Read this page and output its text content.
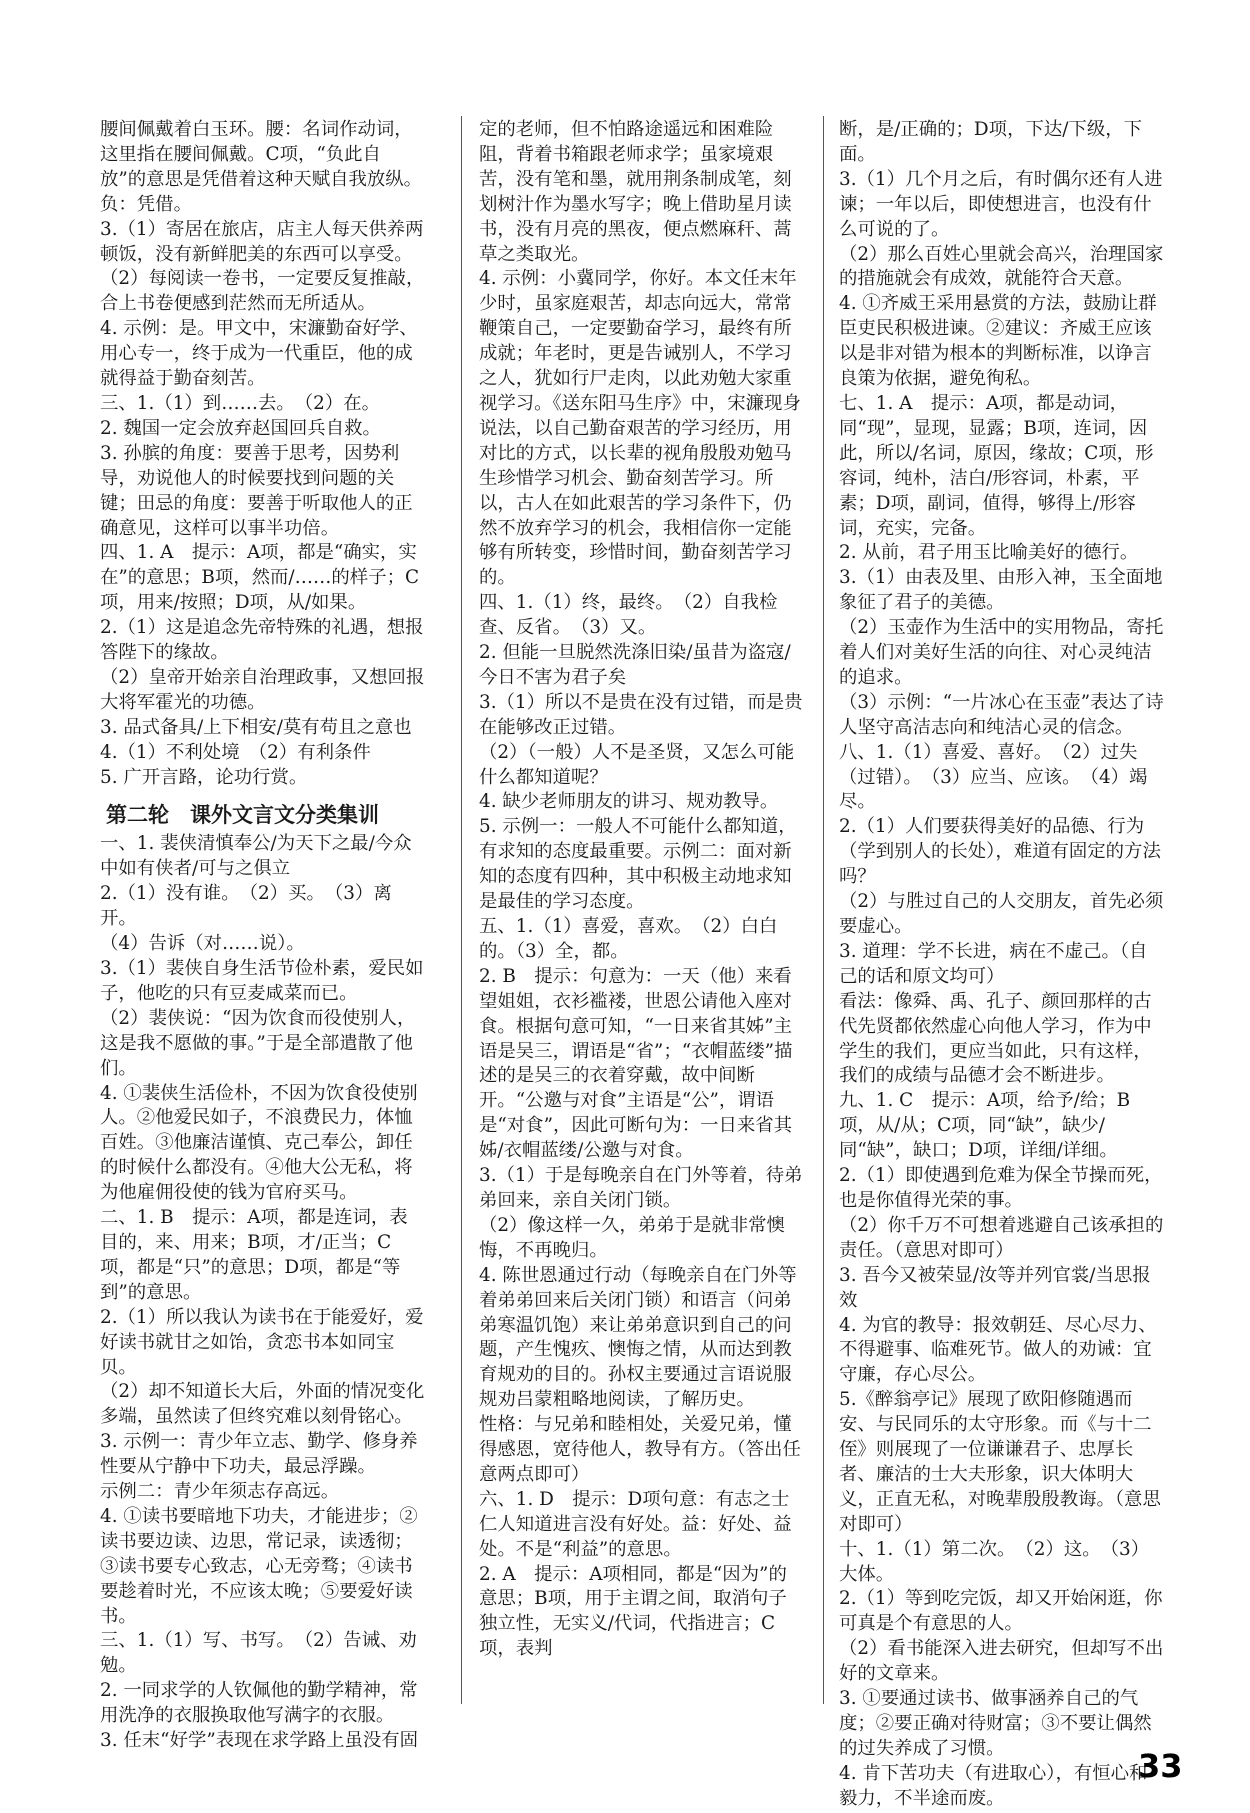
腰间佩戴着白玉环。腰：名词作动词，这里指在腰间佩戴。C项，“负此自放”的意思是凭借着这种天赋自我放纵。负：凭借。

3.（1）寄居在旅店，店主人每天供养两顿饭，没有新鲜肥美的东西可以享受。

（2）每阅读一卷书，一定要反复推敲，合上书卷便感到茫然而无所适从。

4. 示例：是。甲文中，宋濂勤奋好学、用心专一，终于成为一代重臣，他的成就得益于勤奋刻苦。

三、1.（1）到……去。　（2）在。

2. 魏国一定会放弃赵国回兵自救。

3. 孙膑的角度：要善于思考，因势利导，劝说他人的时候要找到问题的关键；田忌的角度：要善于听取他人的正确意见，这样可以事半功倍。

四、1. A　提示：A项，都是“确实，实在”的意思；B项，然而/……的样子；C项，用来/按照；D项，从/如果。

2.（1）这是追念先帝特殊的礼遇，想报答陛下的缘故。

（2）皇帝开始亲自治理政事，又想回报大将军霍光的功德。

3. 品式备具/上下相安/莫有苟且之意也

4.（1）不利处境　（2）有利条件

5. 广开言路，论功行赏。

第二轮　课外文言文分类集训

一、1. 裴侠清慎奉公/为天下之最/今众中如有侠者/可与之俱立

2.（1）没有谁。　（2）买。　（3）离开。

（4）告诉（对……说）。

3.（1）裴侠自身生活节俭朴素，爱民如子，他吃的只有豆麦咸菜而已。

（2）裴侠说：“因为饮食而役使别人，这是我不愿做的事。”于是全部遣散了他们。

4. ①裴侠生活俭朴，不因为饮食役使别人。②他爱民如子，不浪费民力，体恤百姓。③他廉洁谨慎、克己奉公，卸任的时候什么都没有。④他大公无私，将为他雇佣役使的钱为官府买马。

二、1. B　提示：A项，都是连词，表目的，来、用来；B项，才/正当；C项，都是“只”的意思；D项，都是“等到”的意思。

2.（1）所以我认为读书在于能爱好，爱好读书就甘之如饴，贪恋书本如同宝贝。

（2）却不知道长大后，外面的情况变化多端，虽然读了但终究难以刻骨铭心。

3. 示例一：青少年立志、勤学、修身养性要从宁静中下功夫，最忌浮躁。

示例二：青少年须志存高远。

4. ①读书要暗地下功夫，才能进步；②读书要边读、边思，常记录，读透彻；③读书要专心致志，心无旁骛；④读书要趁着时光，不应该太晚；⑤要爱好读书。

三、1.（1）写、书写。　（2）告诫、劝勉。

2. 一同求学的人钦佩他的勤学精神，常用洗净的衣服换取他写满字的衣服。

3. 任末“好学”表现在求学路上虽没有固

定的老师，但不怕路途遥远和困难险阻，背着书箱跟老师求学；虽家境艰苦，没有笔和墨，就用荆条制成笔，刻划树汁作为墨水写字；晚上借助星月读书，没有月亮的黑夜，便点燃麻秆、蒿草之类取光。

4. 示例：小冀同学，你好。本文任末年少时，虽家庭艰苦，却志向远大，常常鞭策自己，一定要勤奋学习，最终有所成就；年老时，更是告诫别人，不学习之人，犹如行尸走肉，以此劝勉大家重视学习。《送东阳马生序》中，宋濂现身说法，以自己勤奋艰苦的学习经历，用对比的方式，以长辈的视角殷殷劝勉马生珍惜学习机会、勤奋刻苦学习。所以，古人在如此艰苦的学习条件下，仍然不放弃学习的机会，我相信你一定能够有所转变，珍惜时间，勤奋刻苦学习的。

四、1.（1）终，最终。　（2）自我检查、反省。　（3）又。

2. 但能一旦脱然洗涤旧染/虽昔为盗寇/今日不害为君子矣

3.（1）所以不是贵在没有过错，而是贵在能够改正过错。

（2）（一般）人不是圣贤，又怎么可能什么都知道呢？

4. 缺少老师朋友的讲习、规劝教导。

5. 示例一：一般人不可能什么都知道，有求知的态度最重要。示例二：面对新知的态度有四种，其中积极主动地求知是最佳的学习态度。

五、1.（1）喜爱，喜欢。　（2）白白的。（3）全，都。

2. B　提示：句意为：一天（他）来看望姐姐，衣衫褴褛，世恩公请他入座对食。根据句意可知，“一日来省其姊”主语是吴三，谓语是“省”；“衣帽蓝缕”描述的是吴三的衣着穿戴，故中间断开。“公邀与对食”主语是“公”，谓语是“对食”，因此可断句为：一日来省其姊/衣帽蓝缕/公邀与对食。

3.（1）于是每晚亲自在门外等着，待弟弟回来，亲自关闭门锁。

（2）像这样一久，弟弟于是就非常懊悔，不再晚归。

4. 陈世恩通过行动（每晚亲自在门外等着弟弟回来后关闭门锁）和语言（问弟弟寒温饥饱）来让弟弟意识到自己的问题，产生愧疚、懊悔之情，从而达到教育规劝的目的。孙权主要通过言语说服规劝吕蒙粗略地阅读，了解历史。

性格：与兄弟和睦相处，关爱兄弟，懂得感恩，宽待他人，教导有方。（答出任意两点即可）

六、1. D　提示：D项句意：有志之士仁人知道进言没有好处。益：好处、益处。不是“利益”的意思。

2. A　提示：A项相同，都是“因为”的意思；B项，用于主谓之间，取消句子独立性，无实义/代词，代指进言；C项，表判

断，是/正确的；D项，下达/下级，下面。

3.（1）几个月之后，有时偶尔还有人进谏；一年以后，即使想进言，也没有什么可说的了。

（2）那么百姓心里就会高兴，治理国家的措施就会有成效，就能符合天意。

4. ①齐威王采用悬赏的方法，鼓励让群臣吏民积极进谏。②建议：齐威王应该以是非对错为根本的判断标准，以诤言良策为依据，避免徇私。

七、1. A　提示：A项，都是动词，同“现”，显现，显露；B项，连词，因此，所以/名词，原因，缘故；C项，形容词，纯朴，洁白/形容词，朴素，平素；D项，副词，值得，够得上/形容词，充实，完备。

2. 从前，君子用玉比喻美好的德行。

3.（1）由表及里、由形入神，玉全面地象征了君子的美德。

（2）玉壶作为生活中的实用物品，寄托着人们对美好生活的向往、对心灵纯洁的追求。

（3）示例：“一片冰心在玉壶”表达了诗人坚守高洁志向和纯洁心灵的信念。

八、1.（1）喜爱、喜好。　（2）过失（过错）。　（3）应当、应该。　（4）竭尽。

2.（1）人们要获得美好的品德、行为（学到别人的长处），难道有固定的方法吗？

（2）与胜过自己的人交朋友，首先必须要虚心。

3. 道理：学不长进，病在不虚己。（自己的话和原文均可）

看法：像舜、禹、孔子、颜回那样的古代先贤都依然虚心向他人学习，作为中学生的我们，更应当如此，只有这样，我们的成绩与品德才会不断进步。

九、1. C　提示：A项，给予/给；B项，从/从；C项，同“缺”，缺少/同“缺”，缺口；D项，详细/详细。

2.（1）即使遇到危难为保全节操而死，也是你值得光荣的事。

（2）你千万不可想着逃避自己该承担的责任。（意思对即可）

3. 吾今又被荣显/汝等并列官裳/当思报效

4. 为官的教导：报效朝廷、尽心尽力、不得避事、临难死节。做人的劝诫：宜守廉，存心尽公。

5.《醉翁亭记》展现了欧阳修随遇而安、与民同乐的太守形象。而《与十二侄》则展现了一位谦谦君子、忠厚长者、廉洁的士大夫形象，识大体明大义，正直无私，对晚辈殷殷教诲。（意思对即可）

十、1.（1）第二次。　（2）这。　（3）大体。

2.（1）等到吃完饭，却又开始闲逛，你可真是个有意思的人。

（2）看书能深入进去研究，但却写不出好的文章来。

3. ①要通过读书、做事涵养自己的气度；②要正确对待财富；③不要让偶然的过失养成了习惯。

4. 肯下苦功夫（有进取心），有恒心和毅力，不半途而废。

33
